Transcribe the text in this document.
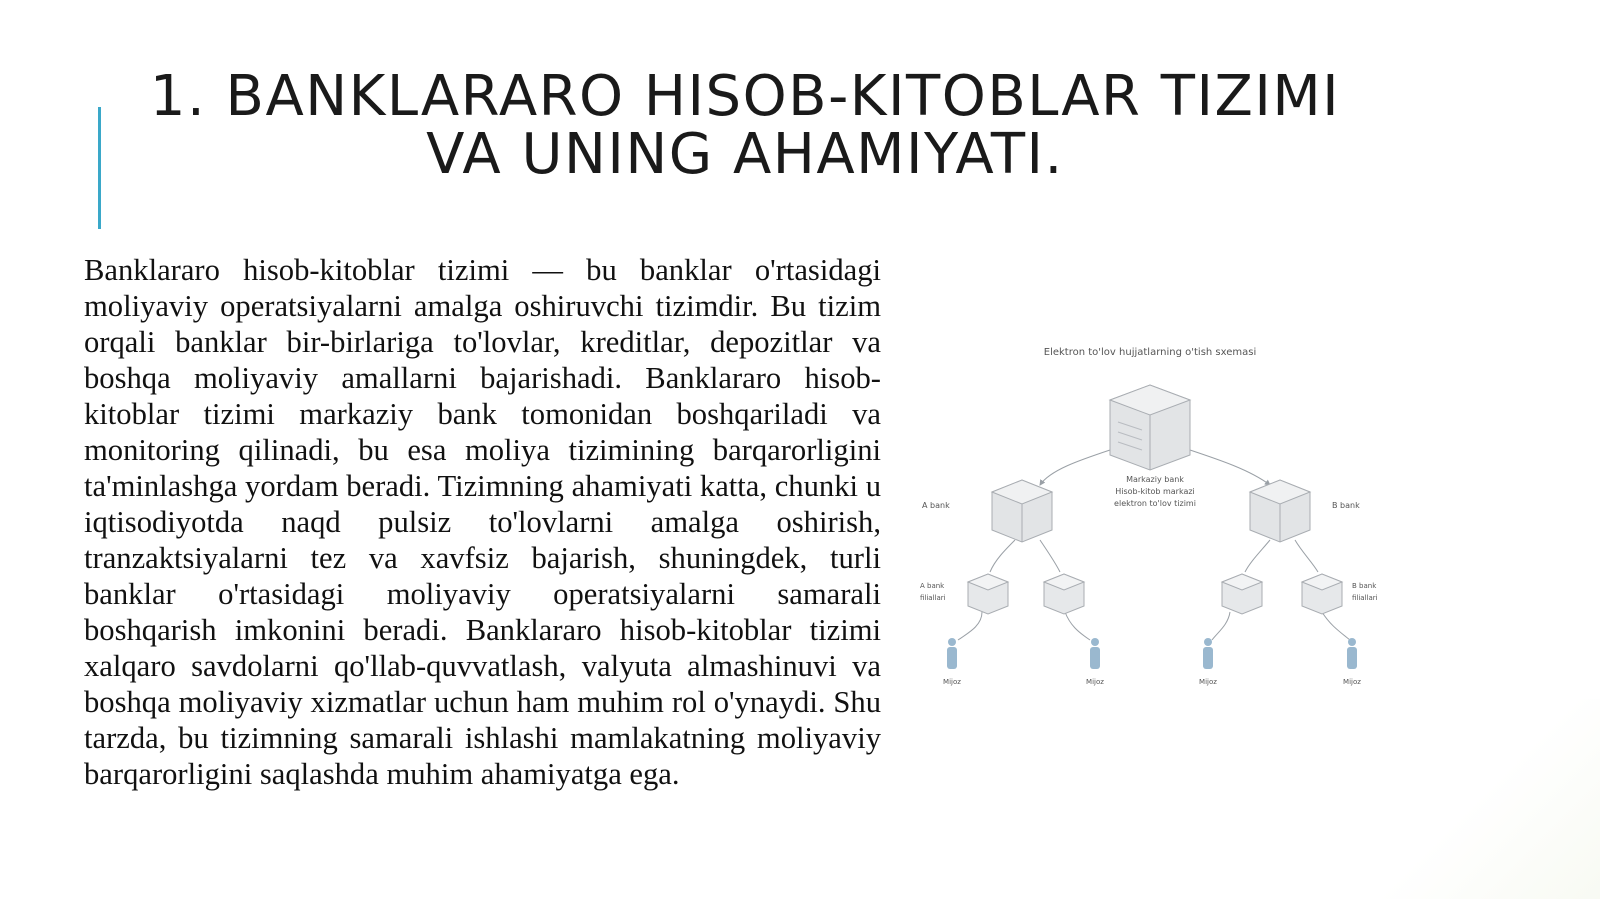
1. BANKLARARO HISOB-KITOBLAR TIZIMI
VA UNING AHAMIYATI.

Banklararo hisob-kitoblar tizimi — bu banklar o'rtasidagi moliyaviy operatsiyalarni amalga oshiruvchi tizimdir. Bu tizim orqali banklar bir-birlariga to'lovlar, kreditlar, depozitlar va boshqa moliyaviy amallarni bajarishadi. Banklararo hisob-kitoblar tizimi markaziy bank tomonidan boshqariladi va monitoring qilinadi, bu esa moliya tizimining barqarorligini ta'minlashga yordam beradi. Tizimning ahamiyati katta, chunki u iqtisodiyotda naqd pulsiz to'lovlarni amalga oshirish, tranzaktsiyalarni tez va xavfsiz bajarish, shuningdek, turli banklar o'rtasidagi moliyaviy operatsiyalarni samarali boshqarish imkonini beradi. Banklararo hisob-kitoblar tizimi xalqaro savdolarni qo'llab-quvvatlash, valyuta almashinuvi va boshqa moliyaviy xizmatlar uchun ham muhim rol o'ynaydi. Shu tarzda, bu tizimning samarali ishlashi mamlakatning moliyaviy barqarorligini saqlashda muhim ahamiyatga ega.

Elektron to'lov hujjatlarning o'tish sxemasi
Markaziy bank
Hisob-kitob markazi
elektron to'lov tizimi
A bank	B bank
A bank
filiallari
B bank
filiallari
Mijoz	Mijoz	Mijoz	Mijoz
